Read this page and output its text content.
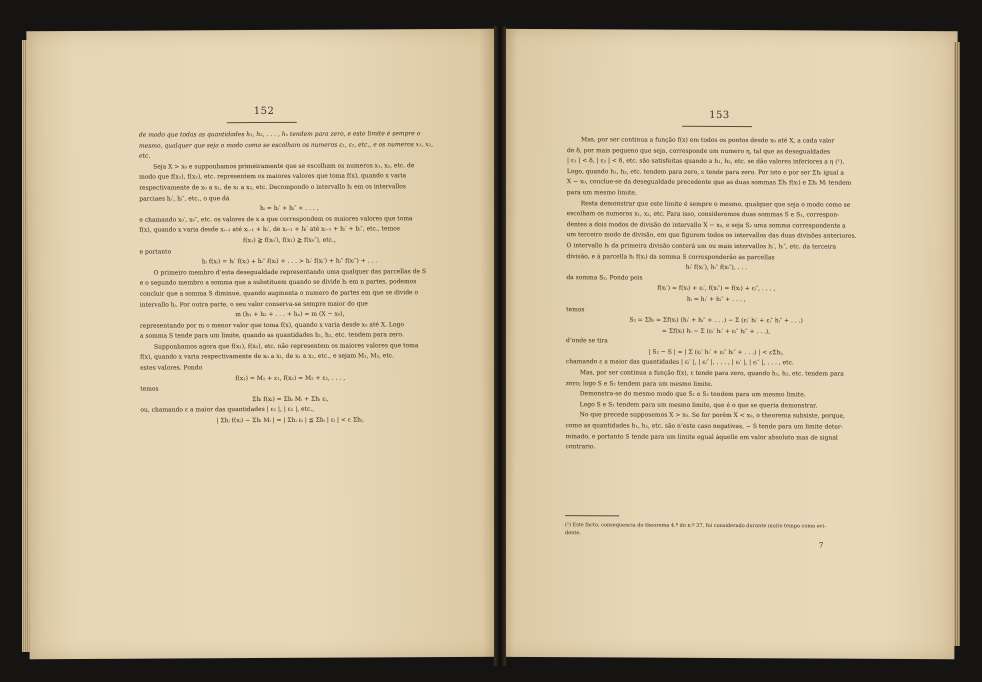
152

de modo que todas as quantidades h₁, h₂, . . . , hₙ tendem para zero, e este limite é sempre o

mesmo, qualquer que seja o modo como se escolham os numeros ε₁, ε₂, etc., e os numeros x₁, x₂,

etc.

Seja X > x₀ e supponhamos primeiramente que se escolham os numeros x₁, x₂, etc. de

modo que f(x₁), f(x₂), etc. representem os maiores valores que toma f(x), quando x varia

respectivamente de x₀ a x₁, de x₁ a x₂, etc. Decompondo o intervallo hᵢ em os intervallos

parciaes hᵢ′, hᵢ″, etc., o que dá

hᵢ = hᵢ′ + hᵢ″ + . . . ,

e chamando x₀′, x₀″, etc. os valores de x a que correspondem os maiores valores que toma

f(x), quando x varia desde xᵢ₋₁ até xᵢ₋₁ + hᵢ′, de xᵢ₋₁ + hᵢ′ até xᵢ₋₁ + hᵢ′ + hᵢ″, etc., temos

f(x₁) ≧ f(x₀′), f(x₁) ≧ f(x₀″), etc.,

e portanto

hᵢ f(xᵢ) = hᵢ′ f(xᵢ) + hᵢ″ f(xᵢ) + . . . > hᵢ′ f(xᵢ′) + hᵢ″ f(xᵢ″) + . . .

O primeiro membro d’esta desegualdade representando uma qualquer das parcellas de S

e o segundo membro a somma que a substituem quando se divide hᵢ em n partes, podemos

concluir que a somma S diminue, quando augmenta o numero de partes em que se divide o

intervallo hᵢ. Por outra parte, o seu valor conserva-se sempre maior do que

m (h₁ + h₂ + . . . + hₙ) = m (X − x₀),

representando por m o menor valor que toma f(x), quando x varia desde x₀ até X. Logo

a somma S tende para um limite, quando as quantidades h₁, h₂, etc. tendem para zero.

Supponhamos agora que f(x₁), f(x₂), etc. não representem os maiores valores que toma

f(x), quando x varia respectivamente de x₀ a x₁, de x₁ a x₂, etc., e sejam M₁, M₂, etc.

estes valores. Pondo

f(x₁) = M₁ + ε₁, f(x₂) = M₂ + ε₂, . . . ,

temos

Σhᵢ f(xᵢ) = Σhᵢ Mᵢ + Σhᵢ εᵢ,

ou, chamando ε a maior das quantidades | ε₁ |, | ε₂ |, etc.,

| Σhᵢ f(xᵢ) − Σhᵢ Mᵢ | = | Σhᵢ εᵢ | ≦ Σhᵢ | εᵢ | < ε Σhᵢ,

153

Mas, por ser continua a função f(x) em todos os pontos desde x₀ até X, a cada valor

de δ, por mais pequeno que seja, corresponde um numero η, tal que as desegualdades

| ε₁ | < δ, | ε₂ | < δ, etc. são satisfeitas quando a h₁, h₂, etc. se dão valores inferiores a η (¹).

Logo, quando h₁, h₂, etc. tendem para zero, ε tende para zero. Por isto e por ser Σhᵢ igual a

X − x₀, conclue-se da desegualdade precedente que as duas sommas Σhᵢ f(xᵢ) e Σhᵢ Mᵢ tendem

para um mesmo limite.

Resta demonstrar que este limite é sempre o mesmo, qualquer que seja o modo como se

escolham os numeros x₁, x₂, etc. Para isso, consideremos duas sommas S e S₁, correspon-

dentes a dois modos de divisão do intervallo X − x₀, e seja S₂ uma somma correspondente a

um terceiro modo de divisão, em que figurem todos os intervallos das duas divisões anteriores.

O intervallo hᵢ da primeira divisão conterá um ou mais intervallos hᵢ′, hᵢ″, etc. da terceira

divisão, e á parcella hᵢ f(xᵢ) da somma S corresponderão as parcellas

hᵢ′ f(xᵢ′), hᵢ″ f(xᵢ″), . . .

da somma S₂. Pondo pois

f(xᵢ′) = f(xᵢ) + εᵢ′, f(xᵢ″) = f(xᵢ) + εᵢ″, . . . ,

hᵢ = hᵢ′ + hᵢ″ + . . . ,

temos

S₂ = Σhᵢ = Σf(xᵢ) (hᵢ′ + hᵢ″ + . . .) − Σ (εᵢ′ hᵢ′ + εᵢ″ hᵢ″ + . . .)

= Σf(xᵢ) hᵢ − Σ (εᵢ′ hᵢ′ + εᵢ″ hᵢ″ + . . .),

d’onde se tira

| S₂ − S | = | Σ (εᵢ′ hᵢ′ + εᵢ″ hᵢ″ + . . .) | < εΣhᵢ,

chamando ε a maior das quantidades | εᵢ′ |, | εᵢ″ |, . . . , | εᵢ′ |, | εᵢ″ |, . . . , etc.

Mas, por ser continua a função f(x), ε tende para zero, quando h₁, h₂, etc. tendem para

zero; logo S e S₂ tendem para um mesmo limite.

Demonstra-se do mesmo modo que S₁ e S₂ tendem para um mesmo limite.

Logo S e S₁ tendem para um mesmo limite, que é o que se queria demonstrar.

No que precede supposemos X > x₀. Se for porém X < x₀, o theorema subsiste, porque,

como as quantidades h₁, h₂, etc. são n’este caso negativas, − S tende para um limite deter-

minado, e portanto S tende para um limite egual áquelle em valor absoluto mas de signal

contrario.

(¹) Este facto, consequencia do theorema 4.º do n.º 37, foi considerado durante muito tempo como evi-
dente.
7
